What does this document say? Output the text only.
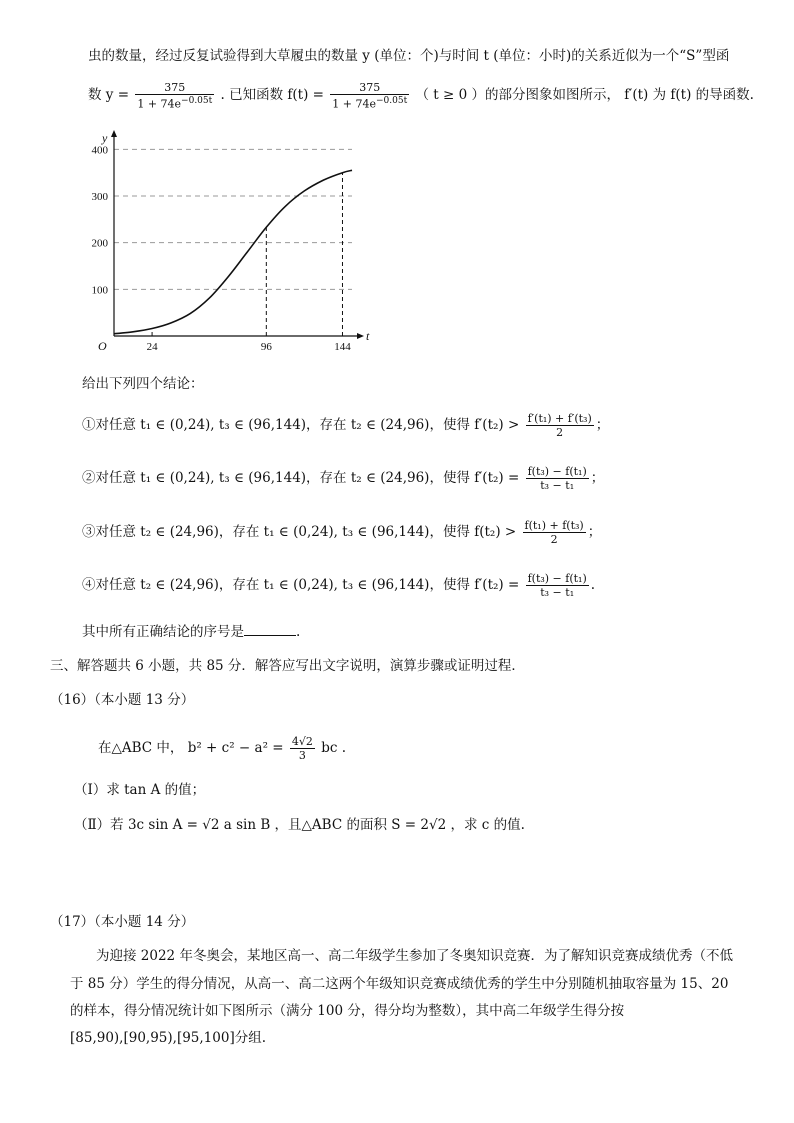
虫的数量，经过反复试验得到大草履虫的数量 y (单位：个)与时间 t (单位：小时)的关系近似为一个“S”型函
数 $y = \frac{375}{1 + 74e^{-0.05t}}$ . 已知函数 $f(t) = \frac{375}{1 + 74e^{-0.05t}}$ （ t ≥ 0 ）的部分图象如图所示， f′(t) 为 f(t) 的导函数.
100
200
300
400
t
y
O	24	96	144
给出下列四个结论：
①对任意 t₁ ∈ (0,24), t₃ ∈ (96,144)，存在 t₂ ∈ (24,96)，使得 $f'(t_2) > \frac{\text{f′(t₁) + f′(t₃)}}{2}$ ；
②对任意 t₁ ∈ (0,24), t₃ ∈ (96,144)，存在 t₂ ∈ (24,96)，使得 $f'(t_2) = \frac{\text{f(t₃) − f(t₁)}}{\text{t₃ − t₁}}$ ；
③对任意 t₂ ∈ (24,96)，存在 t₁ ∈ (0,24), t₃ ∈ (96,144)，使得 $f(t_2) > \frac{\text{f(t₁) + f(t₃)}}{2}$ ；
④对任意 t₂ ∈ (24,96)，存在 t₁ ∈ (0,24), t₃ ∈ (96,144)，使得 $f'(t_2) = \frac{\text{f(t₃) − f(t₁)}}{\text{t₃ − t₁}}$ .
其中所有正确结论的序号是	.
三、解答题共 6 小题，共 85 分．解答应写出文字说明，演算步骤或证明过程．
（16）（本小题 13 分）
在△ABC 中， $b^2 + c^2 - a^2 = \frac{4√2}{3}$ bc .
（Ⅰ）求 tan A 的值；
（Ⅱ）若 3c sin A = √2 a sin B ，且△ABC 的面积 S = 2√2 ，求 c 的值.
（17）（本小题 14 分）
为迎接 2022 年冬奥会，某地区高一、高二年级学生参加了冬奥知识竞赛．为了解知识竞赛成绩优秀（不低
于 85 分）学生的得分情况，从高一、高二这两个年级知识竞赛成绩优秀的学生中分别随机抽取容量为 15、20
的样本，得分情况统计如下图所示（满分 100 分，得分均为整数），其中高二年级学生得分按
[85,90),[90,95),[95,100]分组.
